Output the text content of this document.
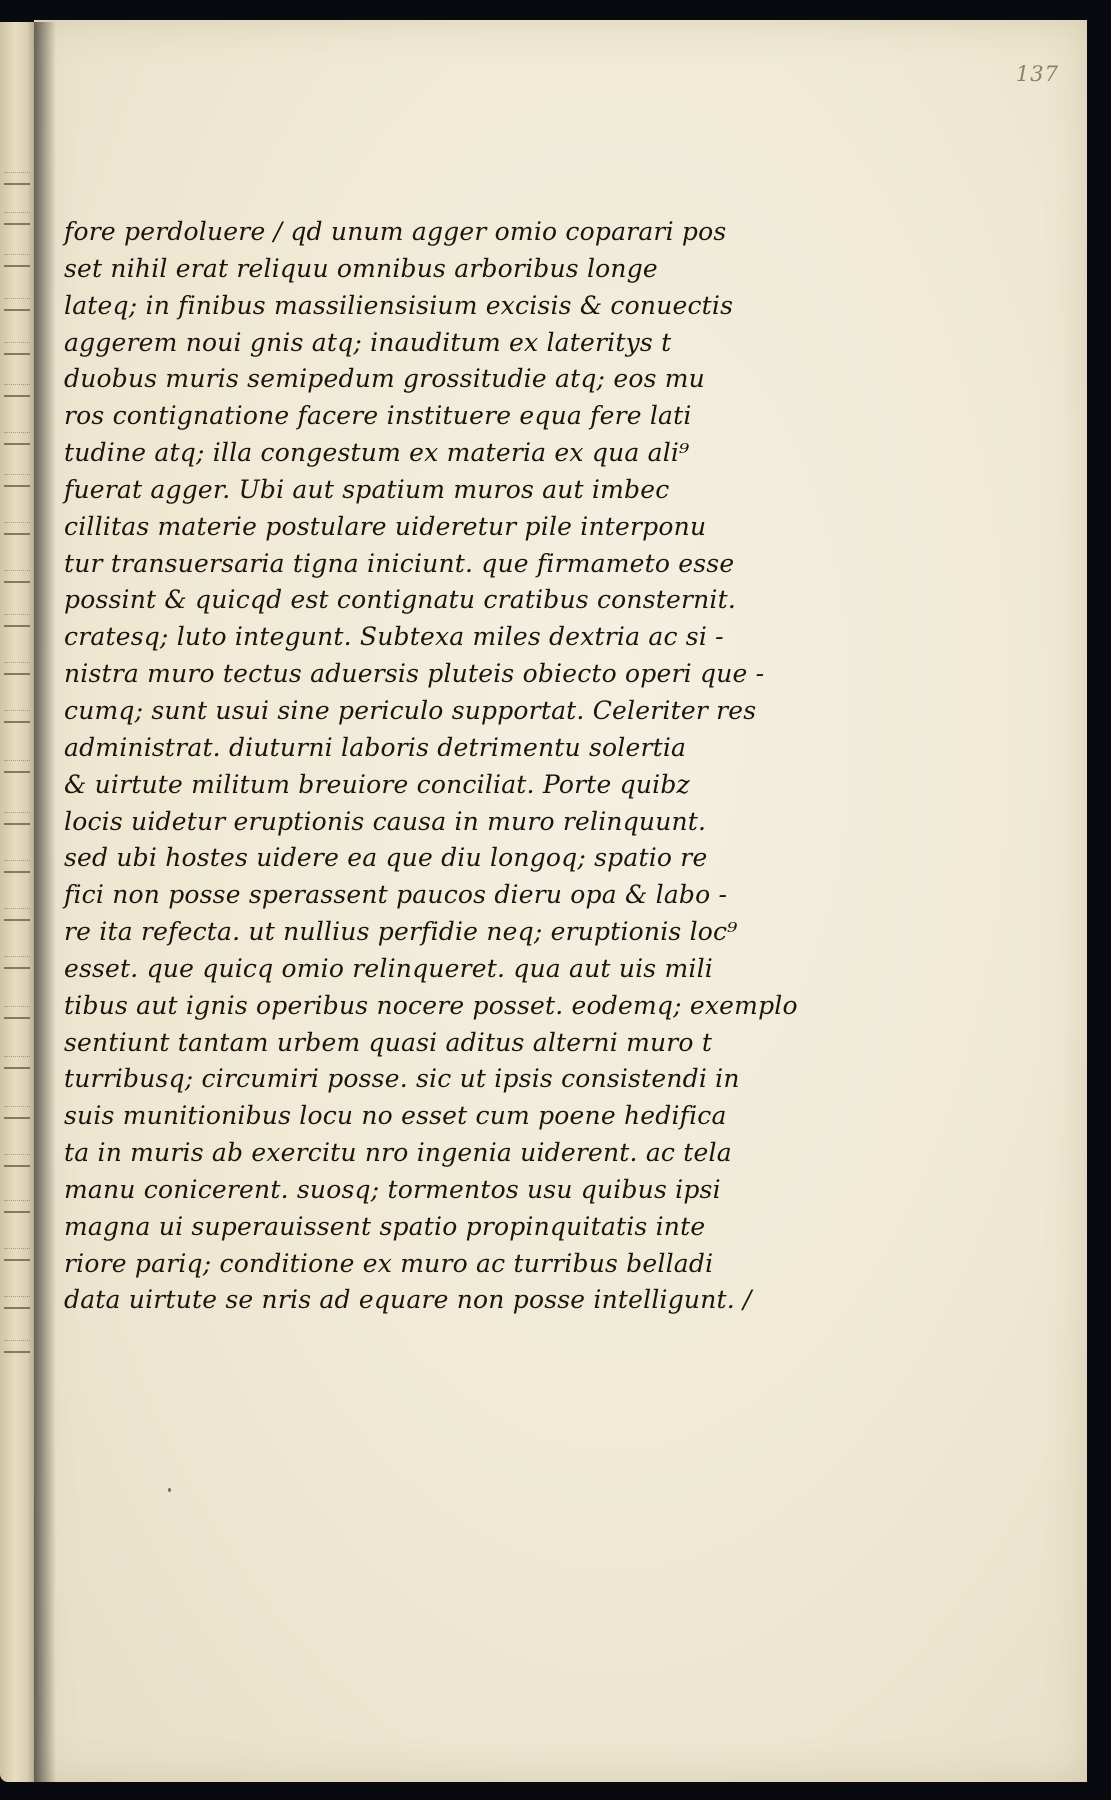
137
fore perdoluere / qd unum agger omio coparari pos
set nihil erat reliquu omnibus arboribus longe
lateq; in finibus massiliensisium excisis & conuectis
aggerem noui gnis atq; inauditum ex lateritys t
duobus muris semipedum grossitudie atq; eos mu
ros contignatione facere instituere equa fere lati
tudine atq; illa congestum ex materia ex qua ali⁹
fuerat agger. Ubi aut spatium muros aut imbec
cillitas materie postulare uideretur pile interponu
tur transuersaria tigna iniciunt. que firmameto esse
possint & quicqd est contignatu cratibus consternit.
cratesq; luto integunt. Subtexa miles dextria ac si -
nistra muro tectus aduersis pluteis obiecto operi que -
cumq; sunt usui sine periculo supportat. Celeriter res
administrat. diuturni laboris detrimentu solertia
& uirtute militum breuiore conciliat. Porte quibz
locis uidetur eruptionis causa in muro relinquunt.
sed ubi hostes uidere ea que diu longoq; spatio re
fici non posse sperassent paucos dieru opa & labo -
re ita refecta. ut nullius perfidie neq; eruptionis loc⁹
esset. que quicq omio relinqueret. qua aut uis mili
tibus aut ignis operibus nocere posset. eodemq; exemplo
sentiunt tantam urbem quasi aditus alterni muro t
turribusq; circumiri posse. sic ut ipsis consistendi in
suis munitionibus locu no esset cum poene hedifica
ta in muris ab exercitu nro ingenia uiderent. ac tela
manu conicerent. suosq; tormentos usu quibus ipsi
magna ui superauissent spatio propinquitatis inte
riore pariq; conditione ex muro ac turribus belladi
data uirtute se nris ad equare non posse intelligunt. /
